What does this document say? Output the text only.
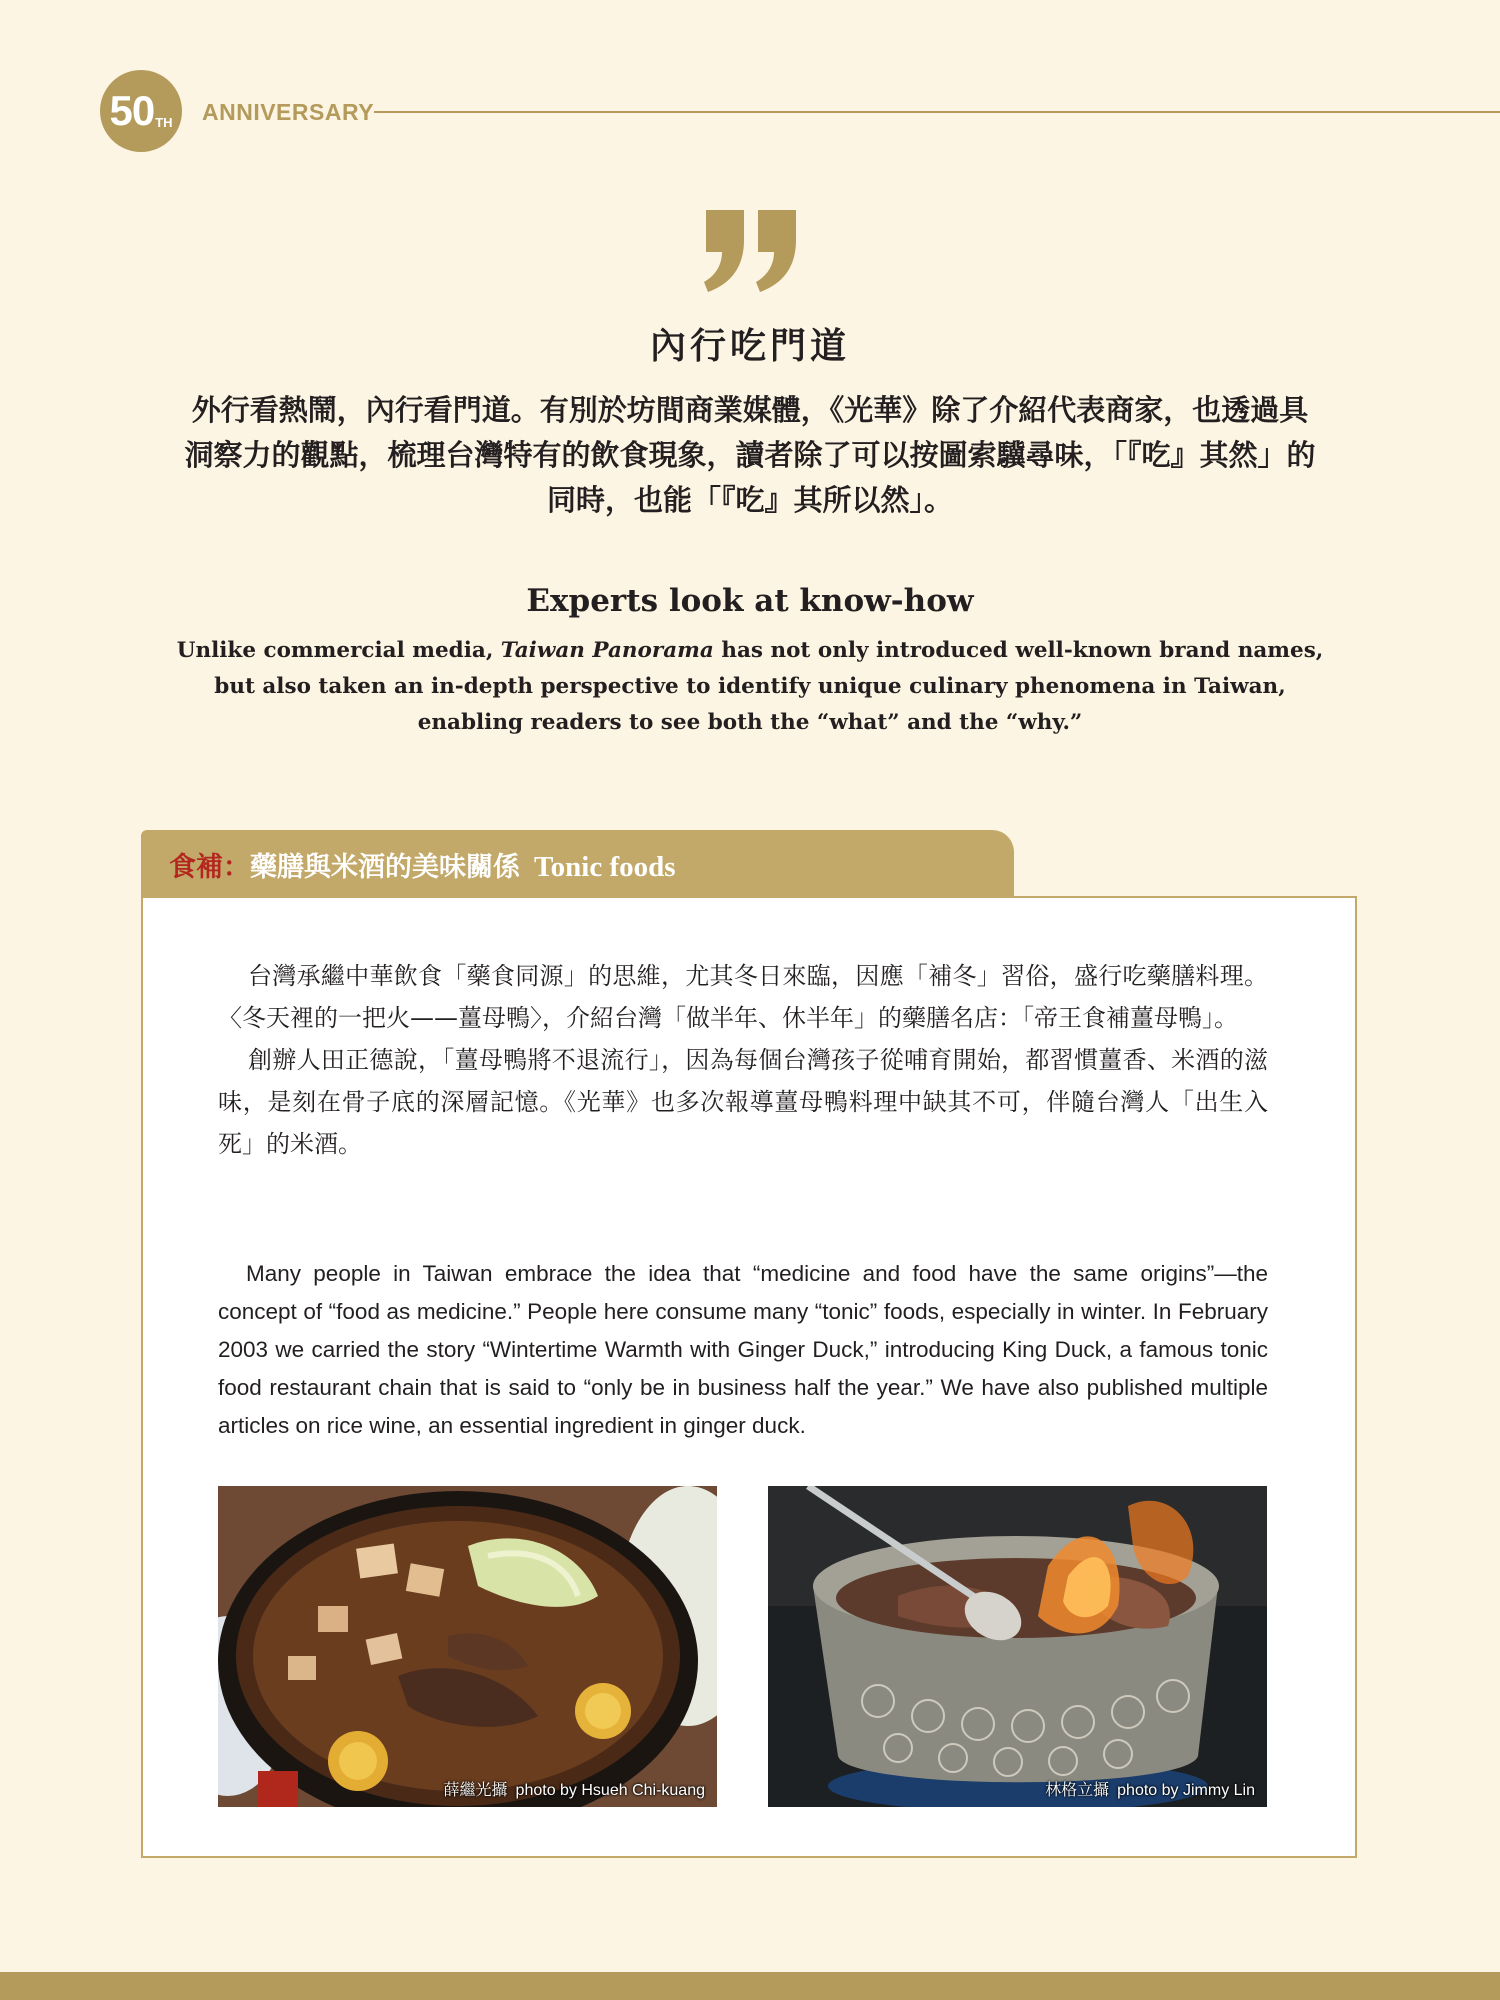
50 TH ANNIVERSARY
內行吃門道
外行看熱鬧，內行看門道。有別於坊間商業媒體，《光華》除了介紹代表商家，也透過具洞察力的觀點，梳理台灣特有的飲食現象，讀者除了可以按圖索驥尋味，「『吃』其然」的同時，也能「『吃』其所以然」。
Experts look at know-how
Unlike commercial media, Taiwan Panorama has not only introduced well-known brand names, but also taken an in-depth perspective to identify unique culinary phenomena in Taiwan, enabling readers to see both the “what” and the “why.”
食補：藥膳與米酒的美味關係 Tonic foods

台灣承繼中華飲食「藥食同源」的思維，尤其冬日來臨，因應「補冬」習俗，盛行吃藥膳料理。〈冬天裡的一把火——薑母鴨〉，介紹台灣「做半年、休半年」的藥膳名店：「帝王食補薑母鴨」。

創辦人田正德說，「薑母鴨將不退流行」，因為每個台灣孩子從哺育開始，都習慣薑香、米酒的滋味，是刻在骨子底的深層記憶。《光華》也多次報導薑母鴨料理中缺其不可，伴隨台灣人「出生入死」的米酒。

Many people in Taiwan embrace the idea that “medicine and food have the same origins”—the concept of “food as medicine.” People here consume many “tonic” foods, especially in winter. In February 2003 we carried the story “Wintertime Warmth with Ginger Duck,” introducing King Duck, a famous tonic food restaurant chain that is said to “only be in business half the year.” We have also published multiple articles on rice wine, an essential ingredient in ginger duck.
薛繼光攝 photo by Hsueh Chi-kuang	林格立攝 photo by Jimmy Lin
